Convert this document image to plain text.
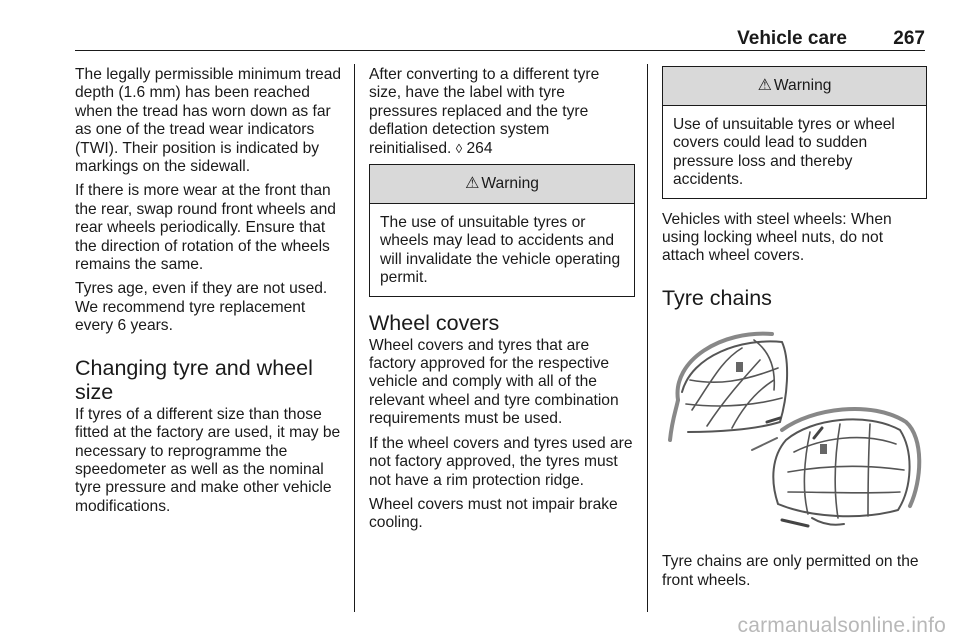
Vehicle care 267

The legally permissible minimum tread depth (1.6 mm) has been reached when the tread has worn down as far as one of the tread wear indicators (TWI). Their position is indicated by markings on the sidewall.

If there is more wear at the front than the rear, swap round front wheels and rear wheels periodically. Ensure that the direction of rotation of the wheels remains the same.

Tyres age, even if they are not used. We recommend tyre replacement every 6 years.

Changing tyre and wheel size

If tyres of a different size than those fitted at the factory are used, it may be necessary to reprogramme the speedometer as well as the nominal tyre pressure and make other vehicle modifications.

After converting to a different tyre size, have the label with tyre pressures replaced and the tyre deflation detection system reinitialised. ◊ 264

⚠ Warning
The use of unsuitable tyres or wheels may lead to accidents and will invalidate the vehicle operating permit.
Wheel covers

Wheel covers and tyres that are factory approved for the respective vehicle and comply with all of the relevant wheel and tyre combination requirements must be used.

If the wheel covers and tyres used are not factory approved, the tyres must not have a rim protection ridge.

Wheel covers must not impair brake cooling.

⚠ Warning
Use of unsuitable tyres or wheel covers could lead to sudden pressure loss and thereby accidents.

Vehicles with steel wheels: When using locking wheel nuts, do not attach wheel covers.

Tyre chains

Tyre chains are only permitted on the front wheels.

carmanualsonline.info
